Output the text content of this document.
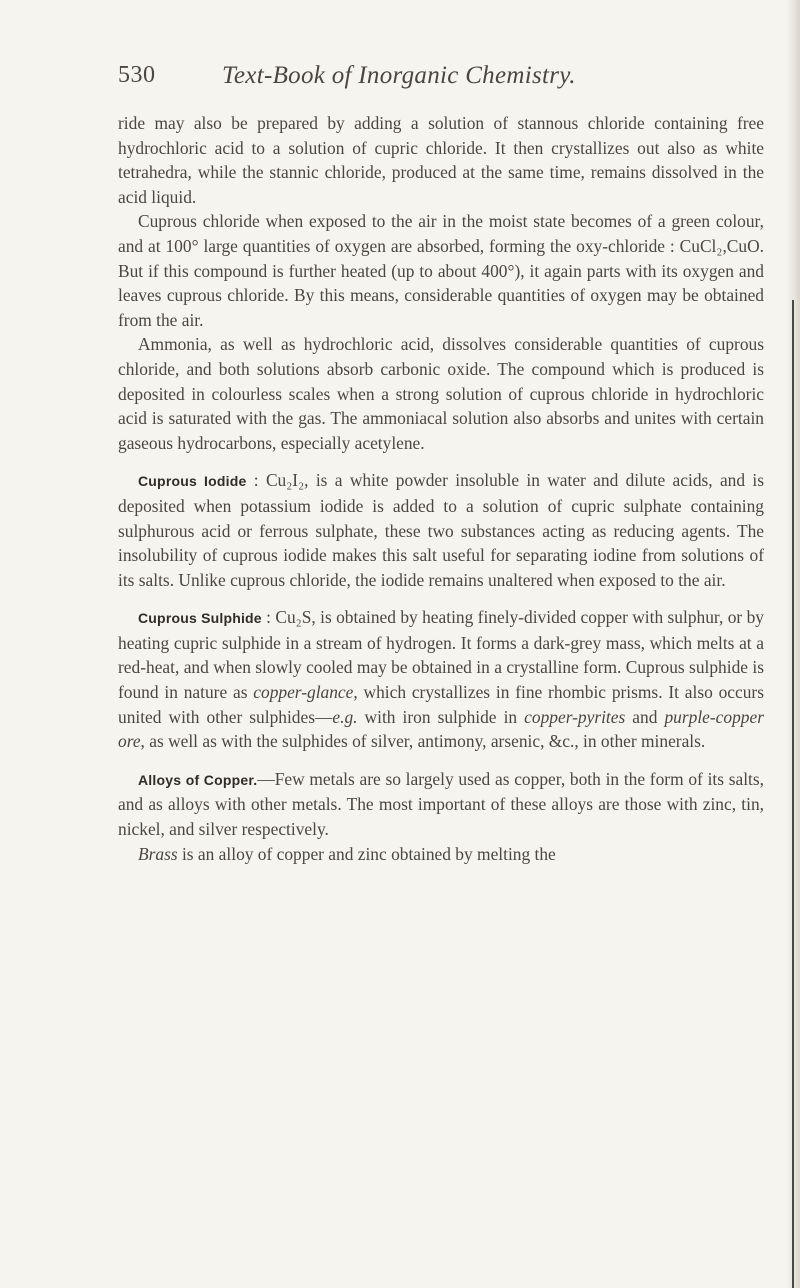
530	Text-Book of Inorganic Chemistry.

ride may also be prepared by adding a solution of stannous chloride containing free hydrochloric acid to a solution of cupric chloride. It then crystallizes out also as white tetrahedra, while the stannic chloride, produced at the same time, remains dissolved in the acid liquid.

Cuprous chloride when exposed to the air in the moist state becomes of a green colour, and at 100° large quantities of oxygen are absorbed, forming the oxy-chloride : CuCl₂,CuO. But if this compound is further heated (up to about 400°), it again parts with its oxygen and leaves cuprous chloride. By this means, considerable quantities of oxygen may be obtained from the air.

Ammonia, as well as hydrochloric acid, dissolves considerable quantities of cuprous chloride, and both solutions absorb carbonic oxide. The compound which is produced is deposited in colourless scales when a strong solution of cuprous chloride in hydrochloric acid is saturated with the gas. The ammoniacal solution also absorbs and unites with certain gaseous hydrocarbons, especially acetylene.

Cuprous Iodide : Cu₂I₂, is a white powder insoluble in water and dilute acids, and is deposited when potassium iodide is added to a solution of cupric sulphate containing sulphurous acid or ferrous sulphate, these two substances acting as reducing agents. The insolubility of cuprous iodide makes this salt useful for separating iodine from solutions of its salts. Unlike cuprous chloride, the iodide remains unaltered when exposed to the air.

Cuprous Sulphide : Cu₂S, is obtained by heating finely-divided copper with sulphur, or by heating cupric sulphide in a stream of hydrogen. It forms a dark-grey mass, which melts at a red-heat, and when slowly cooled may be obtained in a crystalline form. Cuprous sulphide is found in nature as copper-glance, which crystallizes in fine rhombic prisms. It also occurs united with other sulphides—e.g. with iron sulphide in copper-pyrites and purple-copper ore, as well as with the sulphides of silver, antimony, arsenic, &c., in other minerals.

Alloys of Copper.—Few metals are so largely used as copper, both in the form of its salts, and as alloys with other metals. The most important of these alloys are those with zinc, tin, nickel, and silver respectively.

Brass is an alloy of copper and zinc obtained by melting the
